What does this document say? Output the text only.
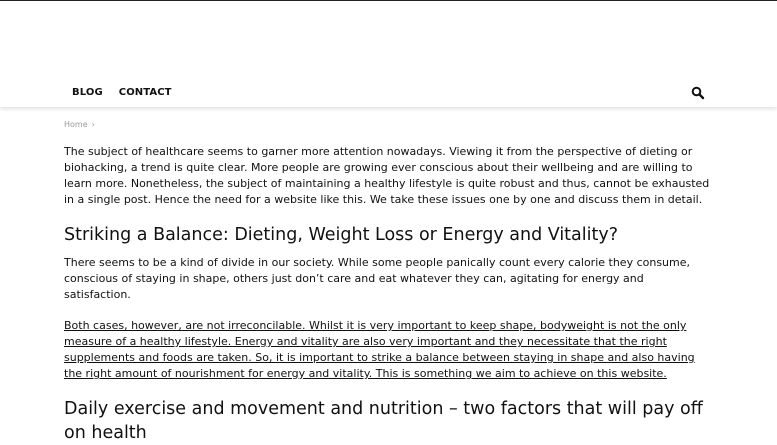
BLOG	CONTACT
Home ›

The subject of healthcare seems to garner more attention nowadays. Viewing it from the perspective of dieting or biohacking, a trend is quite clear. More people are growing ever conscious about their wellbeing and are willing to learn more. Nonetheless, the subject of maintaining a healthy lifestyle is quite robust and thus, cannot be exhausted in a single post. Hence the need for a website like this. We take these issues one by one and discuss them in detail.

Striking a Balance: Dieting, Weight Loss or Energy and Vitality?

There seems to be a kind of divide in our society. While some people panically count every calorie they consume, conscious of staying in shape, others just don’t care and eat whatever they can, agitating for energy and satisfaction.

Both cases, however, are not irreconcilable. Whilst it is very important to keep shape, bodyweight is not the only measure of a healthy lifestyle. Energy and vitality are also very important and they necessitate that the right supplements and foods are taken. So, it is important to strike a balance between staying in shape and also having the right amount of nourishment for energy and vitality. This is something we aim to achieve on this website.

Daily exercise and movement and nutrition – two factors that will pay off on health
